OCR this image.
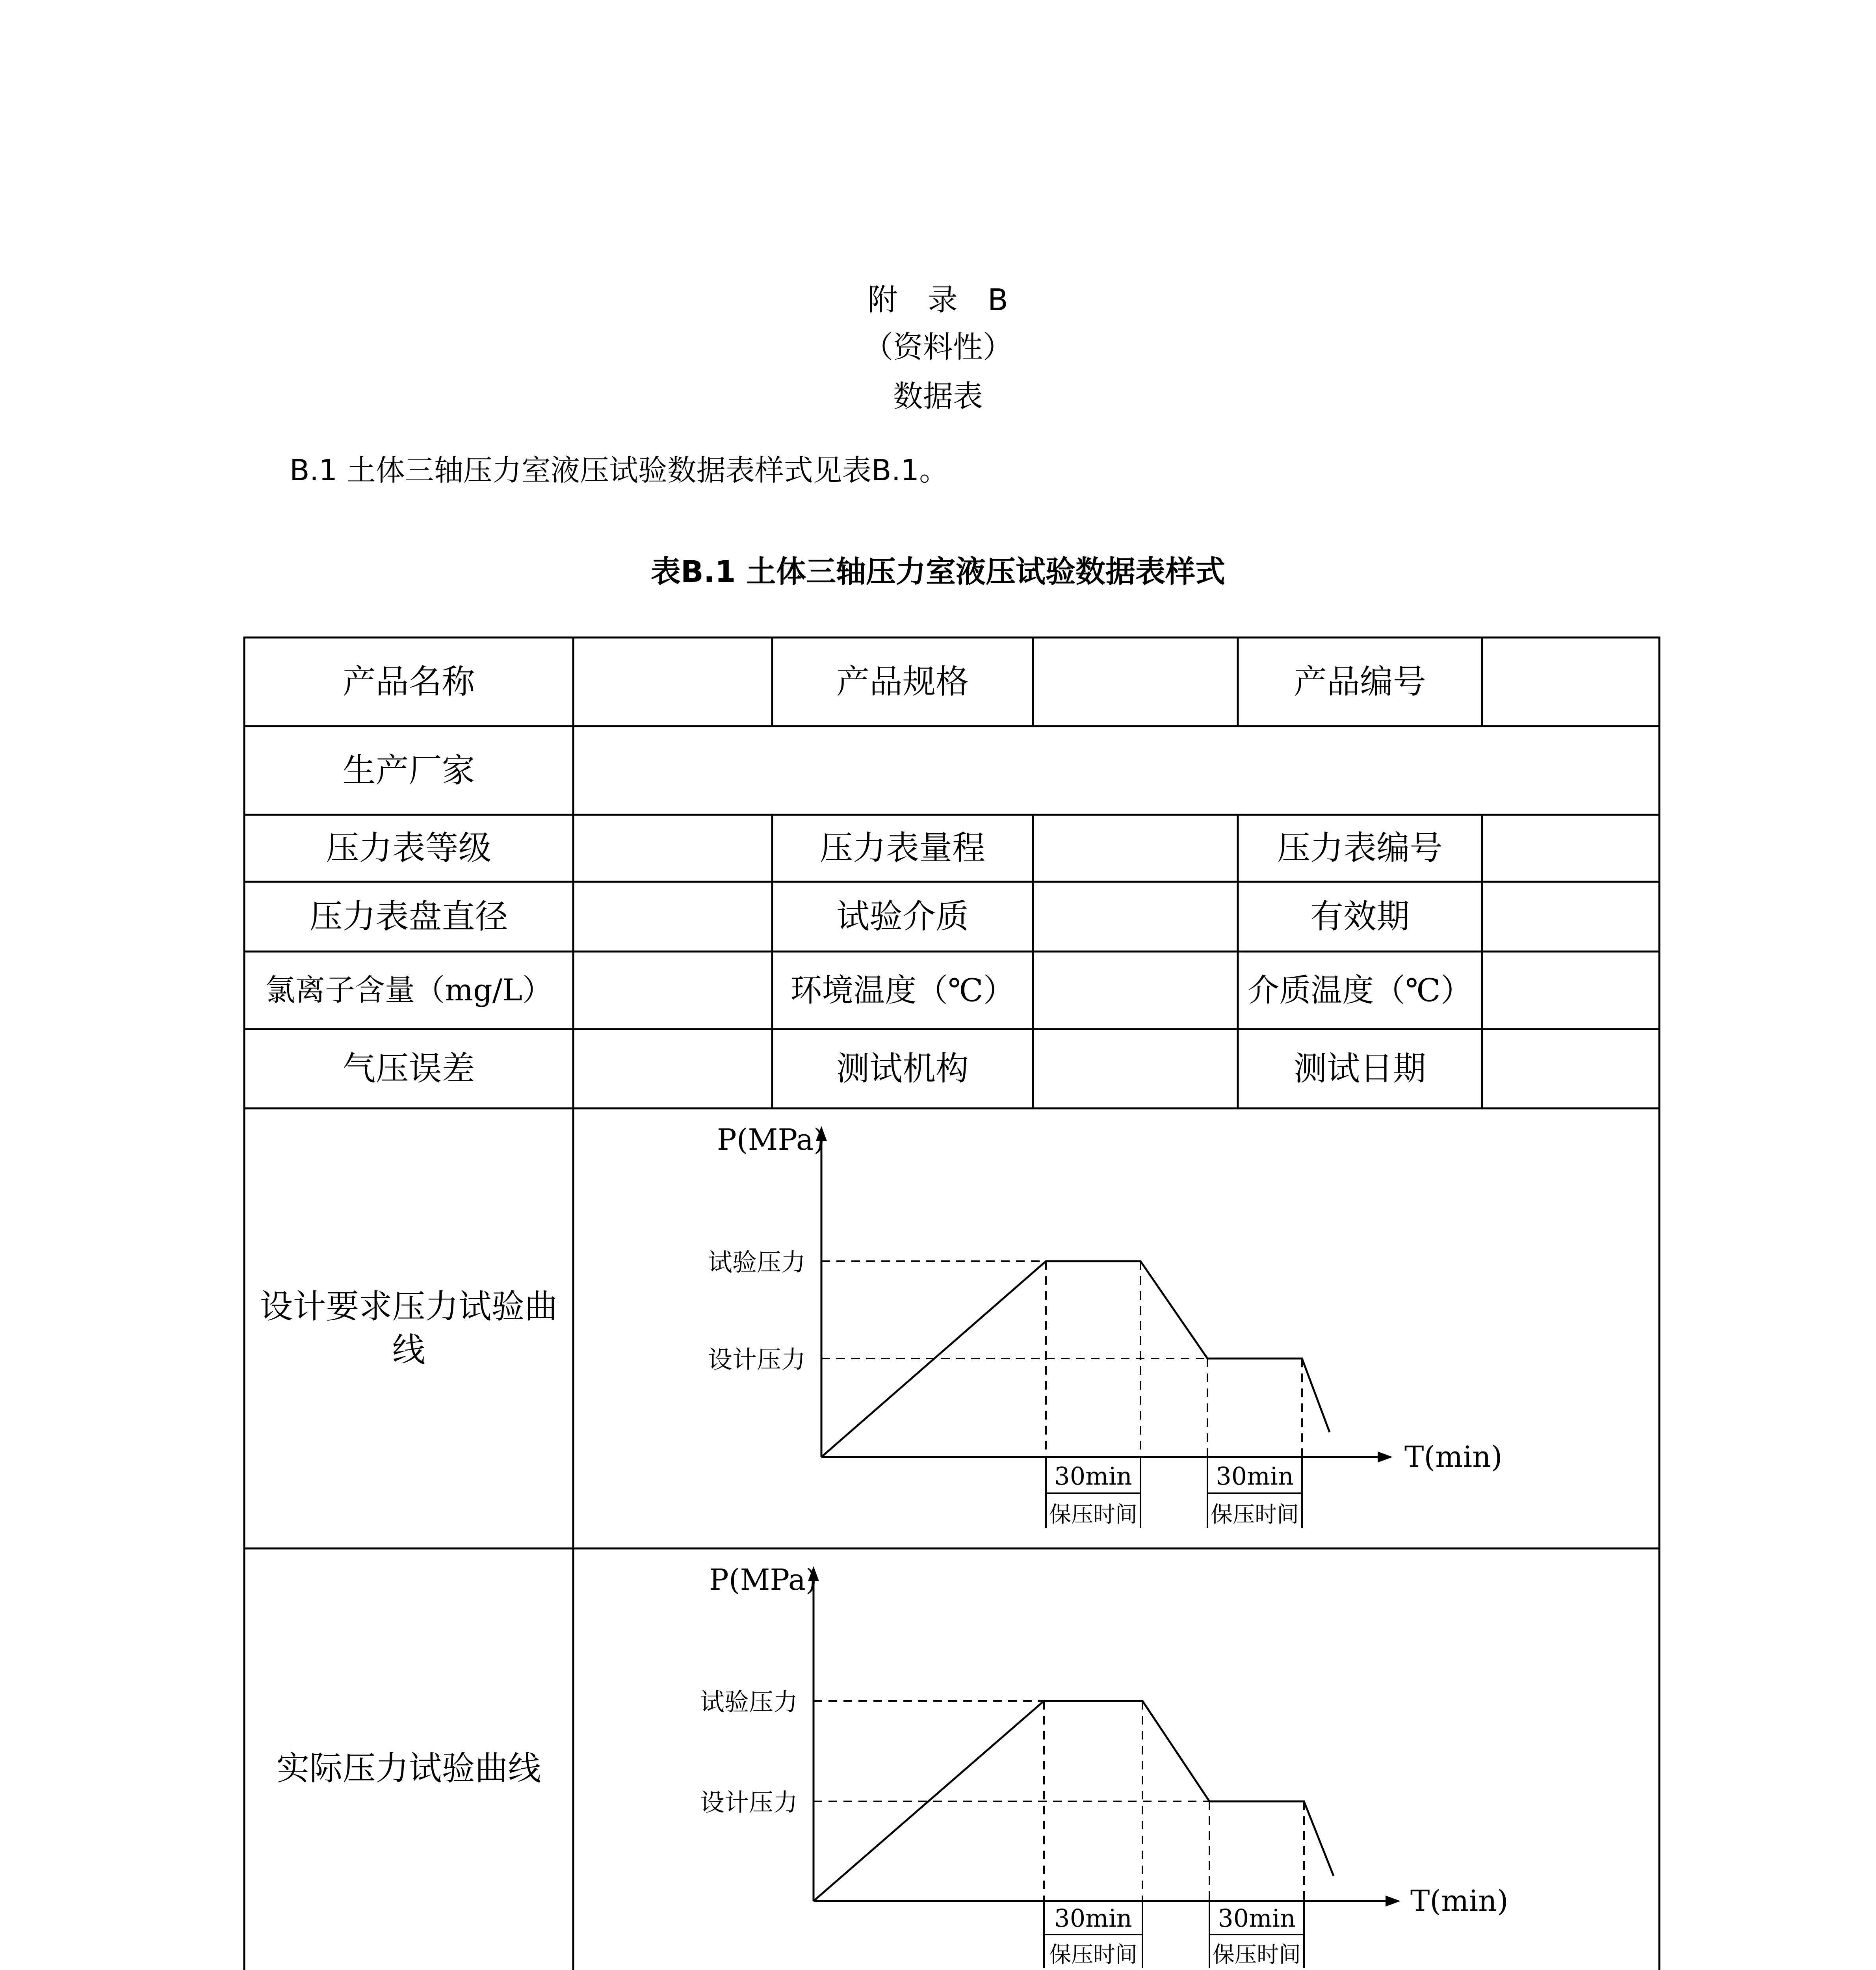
附　录　B
（资料性）
数据表
B.1 土体三轴压力室液压试验数据表样式见表B.1。
表B.1 土体三轴压力室液压试验数据表样式
产品名称	产品规格	产品编号
生产厂家
压力表等级	压力表量程	压力表编号
压力表盘直径	试验介质	有效期
氯离子含量（mg/L）	环境温度（℃）	介质温度（℃）
气压误差	测试机构	测试日期
设计要求压力试验曲线
实际压力试验曲线
P(MPa)
T(min)
试验压力
设计压力
30min
保压时间
30min
保压时间
P(MPa)
T(min)
试验压力
设计压力
30min
保压时间
30min
保压时间
